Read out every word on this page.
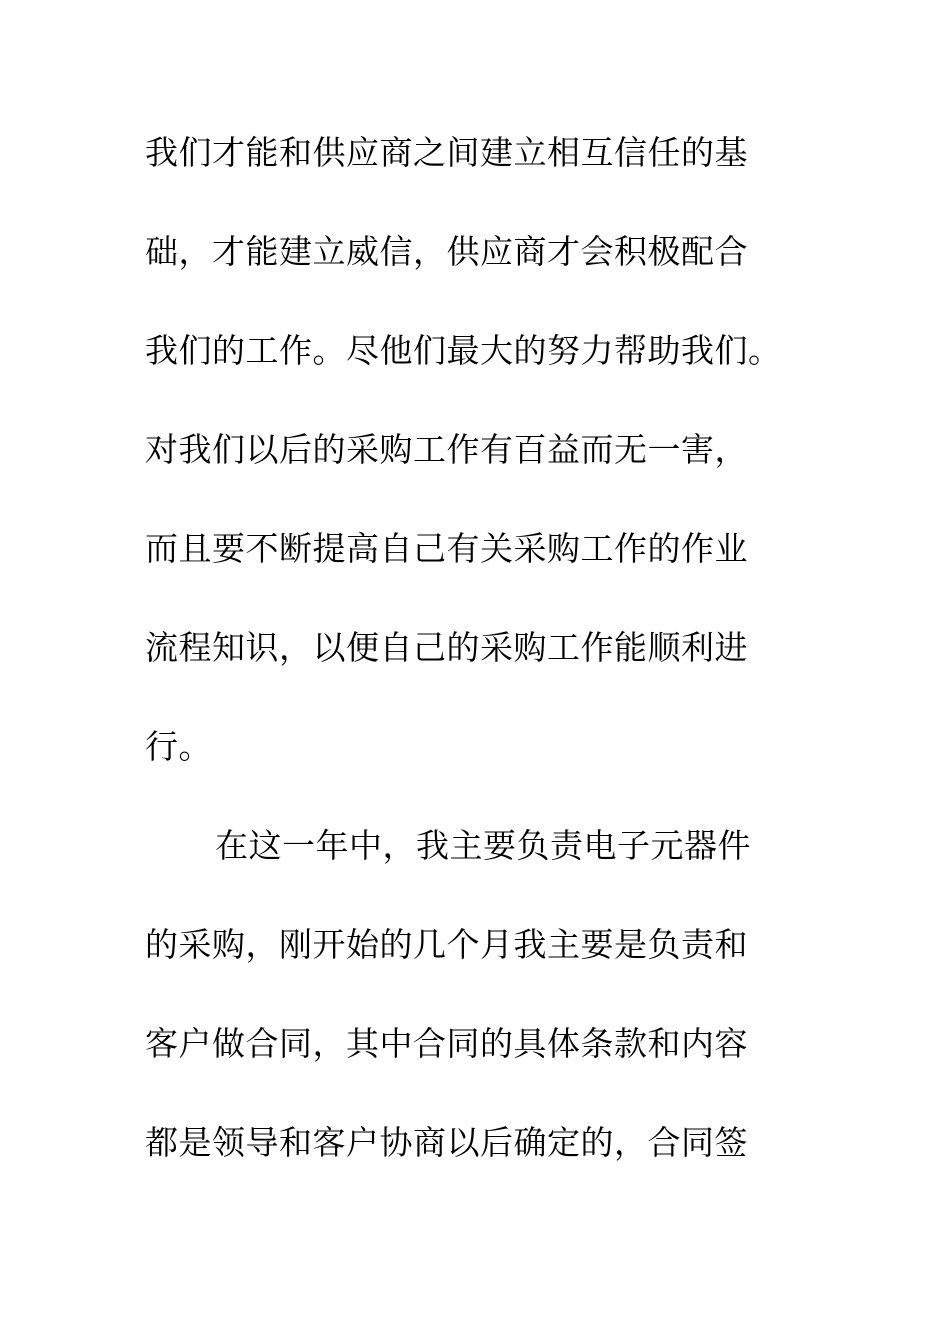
我们才能和供应商之间建立相互信任的基
础，才能建立威信，供应商才会积极配合
我们的工作。尽他们最大的努力帮助我们。
对我们以后的采购工作有百益而无一害，
而且要不断提高自己有关采购工作的作业
流程知识，以便自己的采购工作能顺利进
行。
在这一年中，我主要负责电子元器件
的采购，刚开始的几个月我主要是负责和
客户做合同，其中合同的具体条款和内容
都是领导和客户协商以后确定的，合同签
